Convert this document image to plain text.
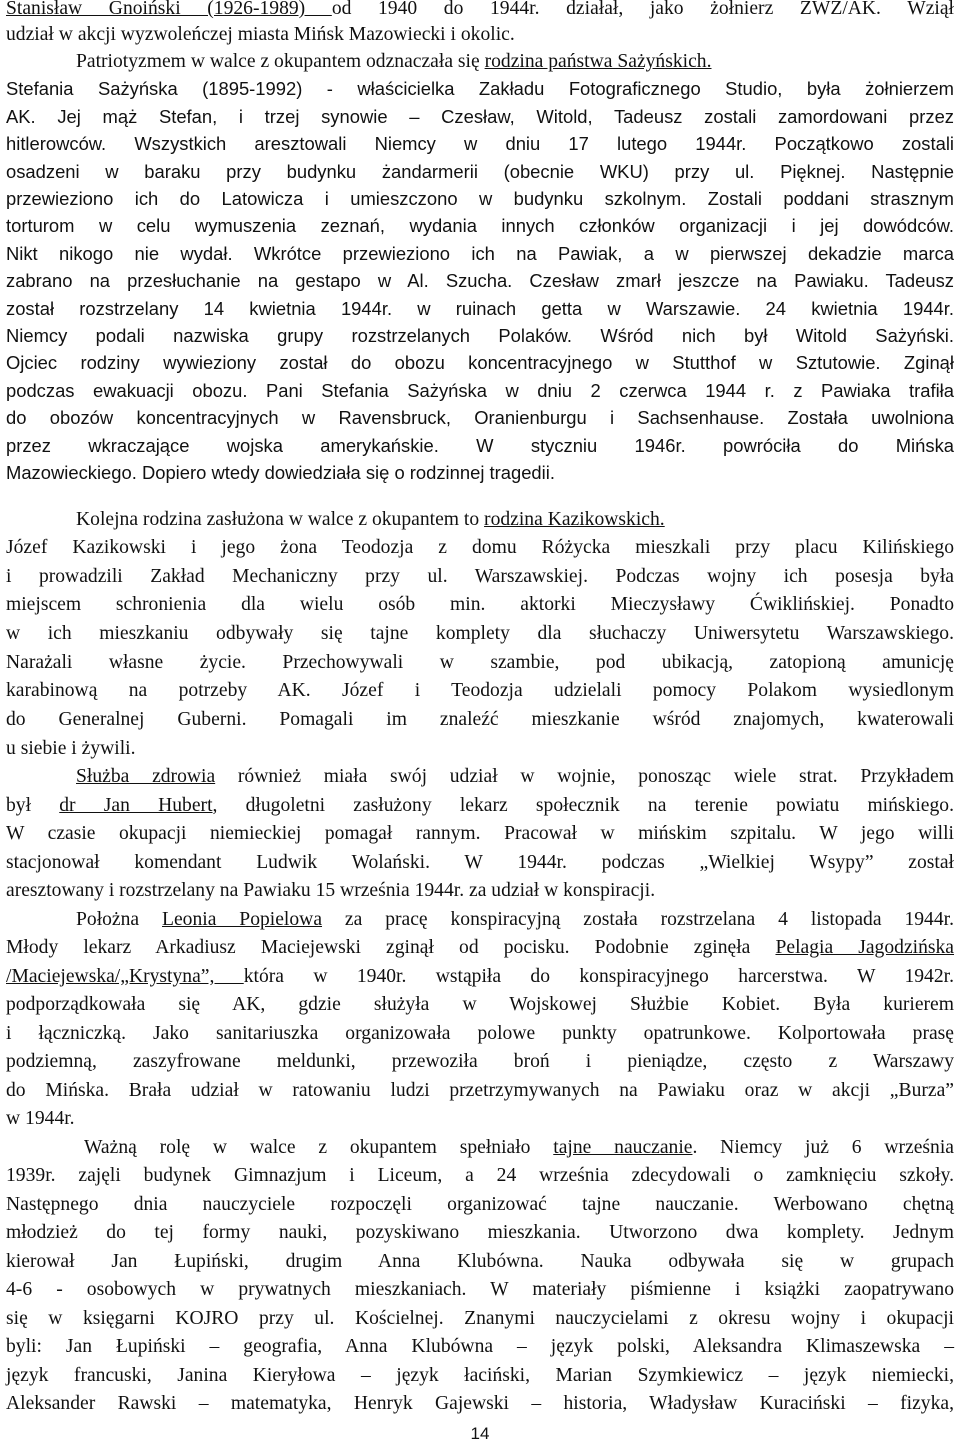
Stanisław Gnoiński (1926-1989) od 1940 do 1944r. działał, jako żołnierz ZWZ/AK. Wziął
udział w akcji wyzwoleńczej miasta Mińsk Mazowiecki i okolic.
Patriotyzmem w walce z okupantem odznaczała się rodzina państwa Sażyńskich.
Stefania Sażyńska (1895-1992) - właścicielka Zakładu Fotograficznego Studio, była żołnierzem
AK. Jej mąż Stefan, i trzej synowie – Czesław, Witold, Tadeusz zostali zamordowani przez
hitlerowców. Wszystkich aresztowali Niemcy w dniu 17 lutego 1944r. Początkowo zostali
osadzeni w baraku przy budynku żandarmerii (obecnie WKU) przy ul. Pięknej. Następnie
przewieziono ich do Latowicza i umieszczono w budynku szkolnym. Zostali poddani strasznym
torturom w celu wymuszenia zeznań, wydania innych członków organizacji i jej dowódców.
Nikt nikogo nie wydał. Wkrótce przewieziono ich na Pawiak, a w pierwszej dekadzie marca
zabrano na przesłuchanie na gestapo w Al. Szucha. Czesław zmarł jeszcze na Pawiaku. Tadeusz
został rozstrzelany 14 kwietnia 1944r. w ruinach getta w Warszawie. 24 kwietnia 1944r.
Niemcy podali nazwiska grupy rozstrzelanych Polaków. Wśród nich był Witold Sażyński.
Ojciec rodziny wywieziony został do obozu koncentracyjnego w Stutthof w Sztutowie. Zginął
podczas ewakuacji obozu. Pani Stefania Sażyńska w dniu 2 czerwca 1944 r. z Pawiaka trafiła
do obozów koncentracyjnych w Ravensbruck, Oranienburgu i Sachsenhause. Została uwolniona
przez wkraczające wojska amerykańskie. W styczniu 1946r. powróciła do Mińska
Mazowieckiego. Dopiero wtedy dowiedziała się o rodzinnej tragedii.
Kolejna rodzina zasłużona w walce z okupantem to rodzina Kazikowskich.
Józef Kazikowski i jego żona Teodozja z domu Różycka mieszkali przy placu Kilińskiego
i prowadzili Zakład Mechaniczny przy ul. Warszawskiej. Podczas wojny ich posesja była
miejscem schronienia dla wielu osób min. aktorki Mieczysławy Ćwiklińskiej. Ponadto
w ich mieszkaniu odbywały się tajne komplety dla słuchaczy Uniwersytetu Warszawskiego.
Narażali własne życie. Przechowywali w szambie, pod ubikacją, zatopioną amunicję
karabinową na potrzeby AK. Józef i Teodozja udzielali pomocy Polakom wysiedlonym
do Generalnej Guberni. Pomagali im znaleźć mieszkanie wśród znajomych, kwaterowali
u siebie i żywili.
Służba zdrowia również miała swój udział w wojnie, ponosząc wiele strat. Przykładem
był dr Jan Hubert, długoletni zasłużony lekarz społecznik na terenie powiatu mińskiego.
W czasie okupacji niemieckiej pomagał rannym. Pracował w mińskim szpitalu. W jego willi
stacjonował komendant Ludwik Wolański. W 1944r. podczas „Wielkiej Wsypy” został
aresztowany i rozstrzelany na Pawiaku 15 września 1944r. za udział w konspiracji.
Położna Leonia Popielowa za pracę konspiracyjną została rozstrzelana 4 listopada 1944r.
Młody lekarz Arkadiusz Maciejewski zginął od pocisku. Podobnie zginęła Pelagia Jagodzińska
/Maciejewska/„Krystyna”, która w 1940r. wstąpiła do konspiracyjnego harcerstwa. W 1942r.
podporządkowała się AK, gdzie służyła w Wojskowej Służbie Kobiet. Była kurierem
i łączniczką. Jako sanitariuszka organizowała polowe punkty opatrunkowe. Kolportowała prasę
podziemną, zaszyfrowane meldunki, przewoziła broń i pieniądze, często z Warszawy
do Mińska. Brała udział w ratowaniu ludzi przetrzymywanych na Pawiaku oraz w akcji „Burza”
w 1944r.
Ważną rolę w walce z okupantem spełniało tajne nauczanie. Niemcy już 6 września
1939r. zajęli budynek Gimnazjum i Liceum, a 24 września zdecydowali o zamknięciu szkoły.
Następnego dnia nauczyciele rozpoczęli organizować tajne nauczanie. Werbowano chętną
młodzież do tej formy nauki, pozyskiwano mieszkania. Utworzono dwa komplety. Jednym
kierował Jan Łupiński, drugim Anna Klubówna. Nauka odbywała się w grupach
4-6 - osobowych w prywatnych mieszkaniach. W materiały piśmienne i książki zaopatrywano
się w księgarni KOJRO przy ul. Kościelnej. Znanymi nauczycielami z okresu wojny i okupacji
byli: Jan Łupiński – geografia, Anna Klubówna – język polski, Aleksandra Klimaszewska –
język francuski, Janina Kieryłowa – język łaciński, Marian Szymkiewicz – język niemiecki,
Aleksander Rawski – matematyka, Henryk Gajewski – historia, Władysław Kuraciński – fizyka,
14
